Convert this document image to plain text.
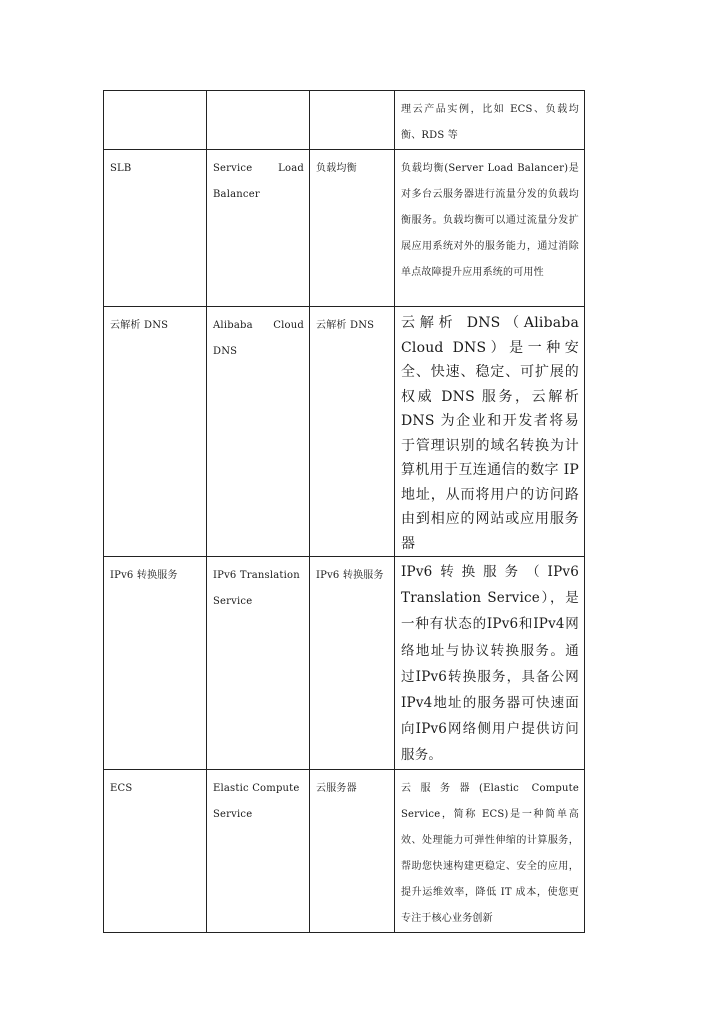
			理云产品实例，比如 ECS、负载均衡、RDS 等
SLB	Service Load Balancer	负载均衡	负载均衡(Server Load Balancer)是对多台云服务器进行流量分发的负载均衡服务。负载均衡可以通过流量分发扩展应用系统对外的服务能力，通过消除单点故障提升应用系统的可用性
云解析 DNS	Alibaba Cloud DNS	云解析 DNS	云解析 DNS（Alibaba Cloud DNS）是一种安全、快速、稳定、可扩展的权威 DNS 服务，云解析 DNS 为企业和开发者将易于管理识别的域名转换为计算机用于互连通信的数字 IP 地址，从而将用户的访问路由到相应的网站或应用服务器
IPv6 转换服务	IPv6 Translation Service	IPv6 转换服务	IPv6转换服务（IPv6 Translation Service），是一种有状态的IPv6和IPv4网络地址与协议转换服务。通过IPv6转换服务，具备公网IPv4地址的服务器可快速面向IPv6网络侧用户提供访问服务。
ECS	Elastic Compute Service	云服务器	云服务器(Elastic Compute Service，简称 ECS)是一种简单高效、处理能力可弹性伸缩的计算服务，帮助您快速构建更稳定、安全的应用，提升运维效率，降低 IT 成本，使您更专注于核心业务创新
